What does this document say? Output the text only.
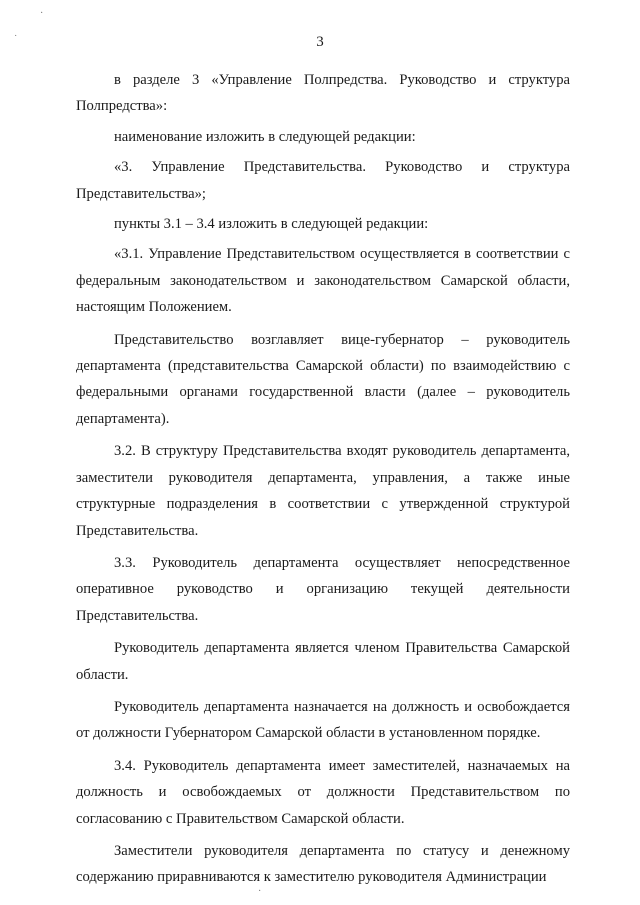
3
·
˙
·

в разделе 3 «Управление Полпредства. Руководство и структура Полпредства»:

наименование изложить в следующей редакции:

«3. Управление Представительства. Руководство и структура Представительства»;

пункты 3.1 – 3.4 изложить в следующей редакции:

«3.1. Управление Представительством осуществляется в соответствии с федеральным законодательством и законодательством Самарской области, настоящим Положением.

Представительство возглавляет вице-губернатор – руководитель департамента (представительства Самарской области) по взаимодействию с федеральными органами государственной власти (далее – руководитель департамента).

3.2. В структуру Представительства входят руководитель департамента, заместители руководителя департамента, управления, а также иные структурные подразделения в соответствии с утвержденной структурой Представительства.

3.3. Руководитель департамента осуществляет непосредственное оперативное руководство и организацию текущей деятельности Представительства.

Руководитель департамента является членом Правительства Самарской области.

Руководитель департамента назначается на должность и освобождается от должности Губернатором Самарской области в установленном порядке.

3.4. Руководитель департамента имеет заместителей, назначаемых на должность и освобождаемых от должности Представительством по согласованию с Правительством Самарской области.

Заместители руководителя департамента по статусу и денежному содержанию приравниваются к заместителю руководителя Администрации
